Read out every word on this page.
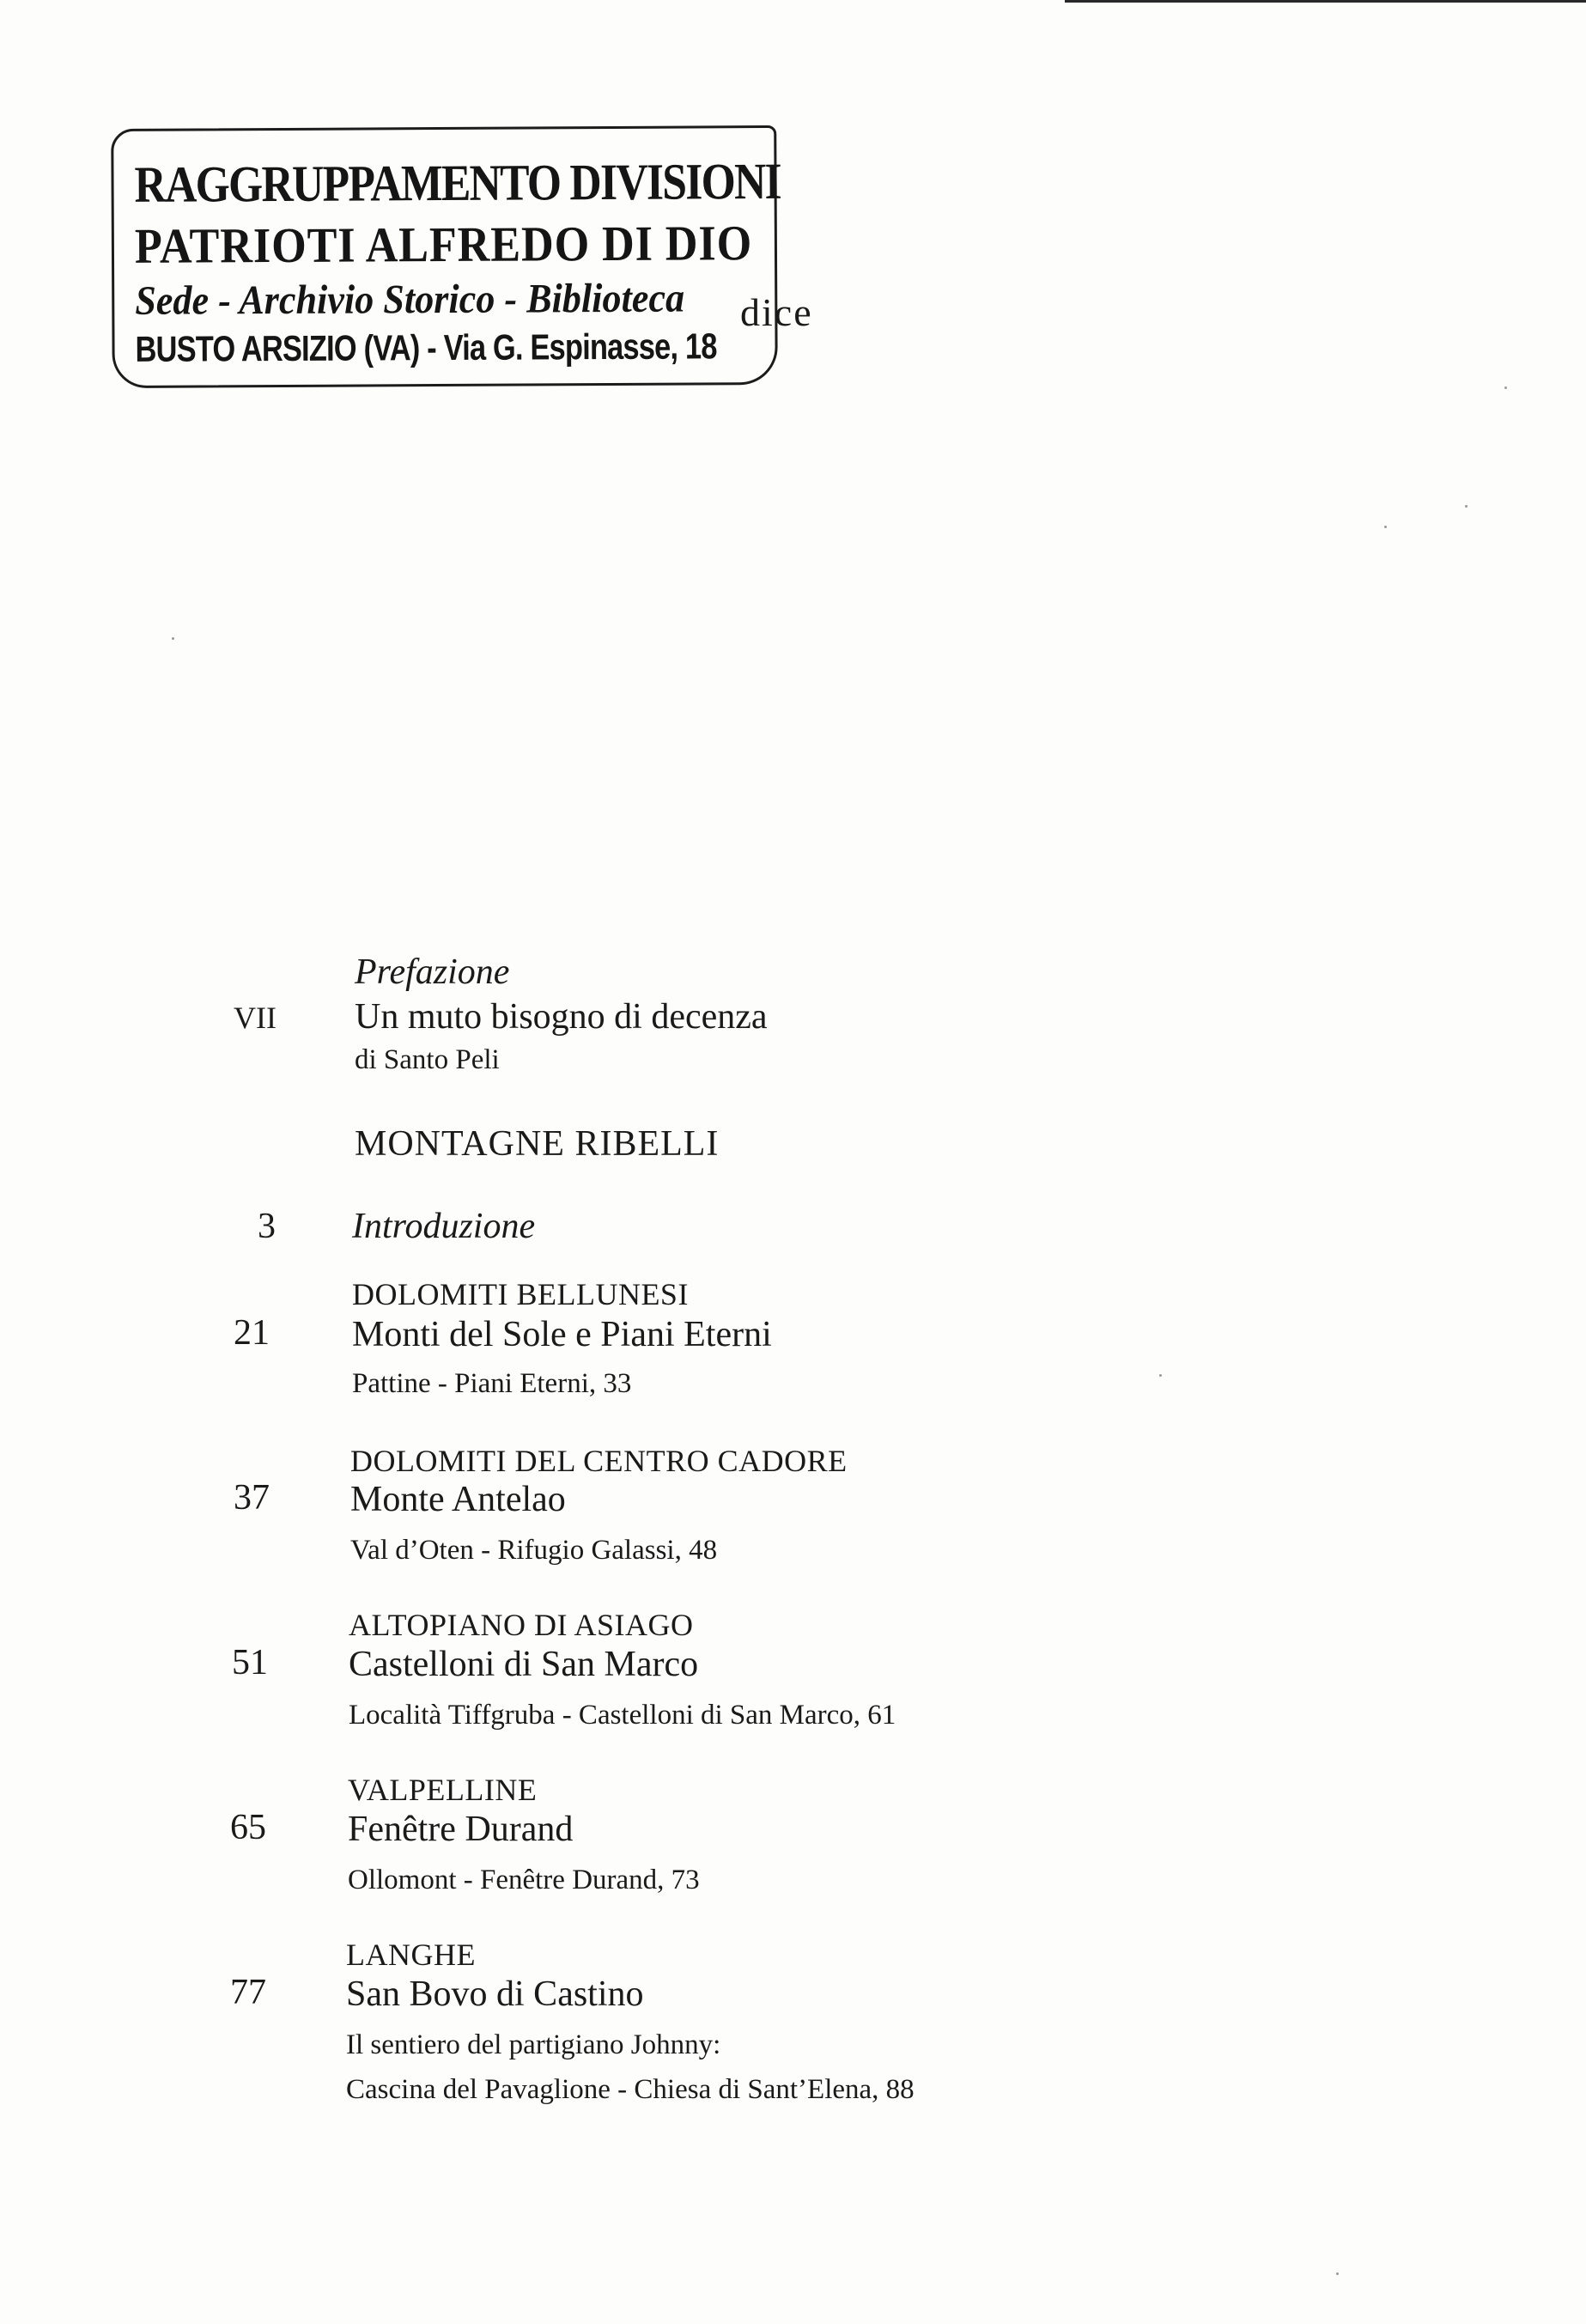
RAGGRUPPAMENTO DIVISIONI
PATRIOTI ALFREDO DI DIO
Sede - Archivio Storico - Biblioteca
BUSTO ARSIZIO (VA) - Via G. Espinasse, 18
dice
Prefazione
VII Un muto bisogno di decenza
di Santo Peli
MONTAGNE RIBELLI
3 Introduzione
DOLOMITI BELLUNESI
21 Monti del Sole e Piani Eterni
Pattine - Piani Eterni, 33
DOLOMITI DEL CENTRO CADORE
37 Monte Antelao
Val d’Oten - Rifugio Galassi, 48
ALTOPIANO DI ASIAGO
51 Castelloni di San Marco
Località Tiffgruba - Castelloni di San Marco, 61
VALPELLINE
65 Fenêtre Durand
Ollomont - Fenêtre Durand, 73
LANGHE
77 San Bovo di Castino
Il sentiero del partigiano Johnny:
Cascina del Pavaglione - Chiesa di Sant’Elena, 88
